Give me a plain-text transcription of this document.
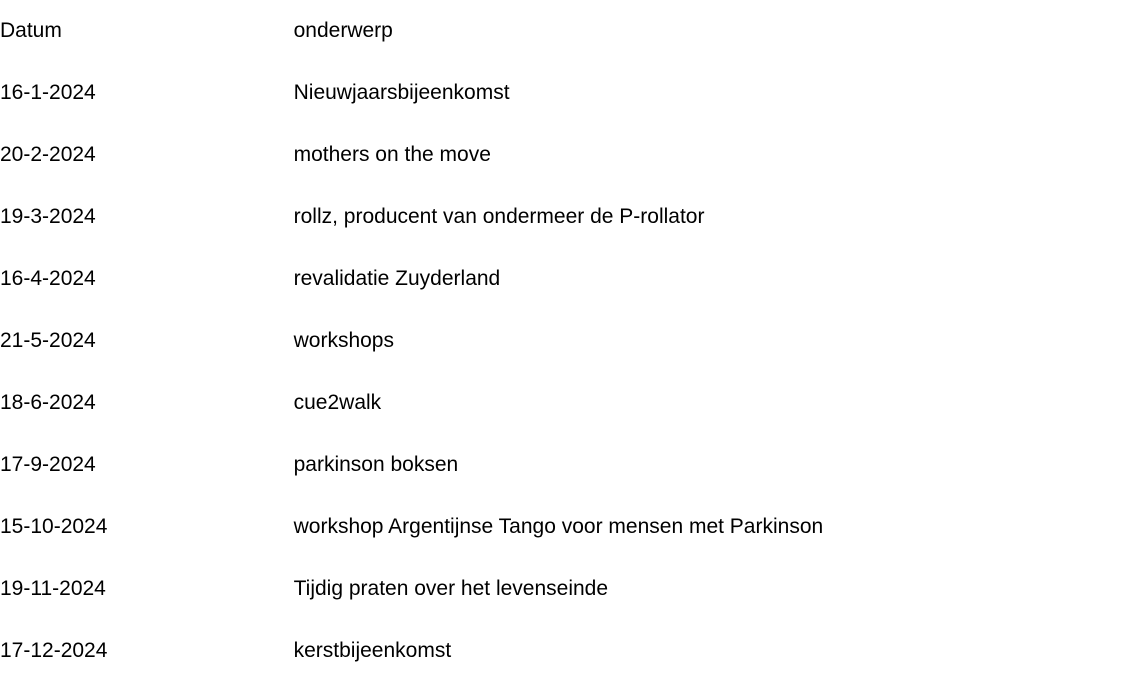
Datum	onderwerp
16-1-2024	Nieuwjaarsbijeenkomst
20-2-2024	mothers on the move
19-3-2024	rollz, producent van ondermeer de P-rollator
16-4-2024	revalidatie Zuyderland
21-5-2024	workshops
18-6-2024	cue2walk
17-9-2024	parkinson boksen
15-10-2024	workshop Argentijnse Tango voor mensen met Parkinson
19-11-2024	Tijdig praten over het levenseinde
17-12-2024	kerstbijeenkomst
